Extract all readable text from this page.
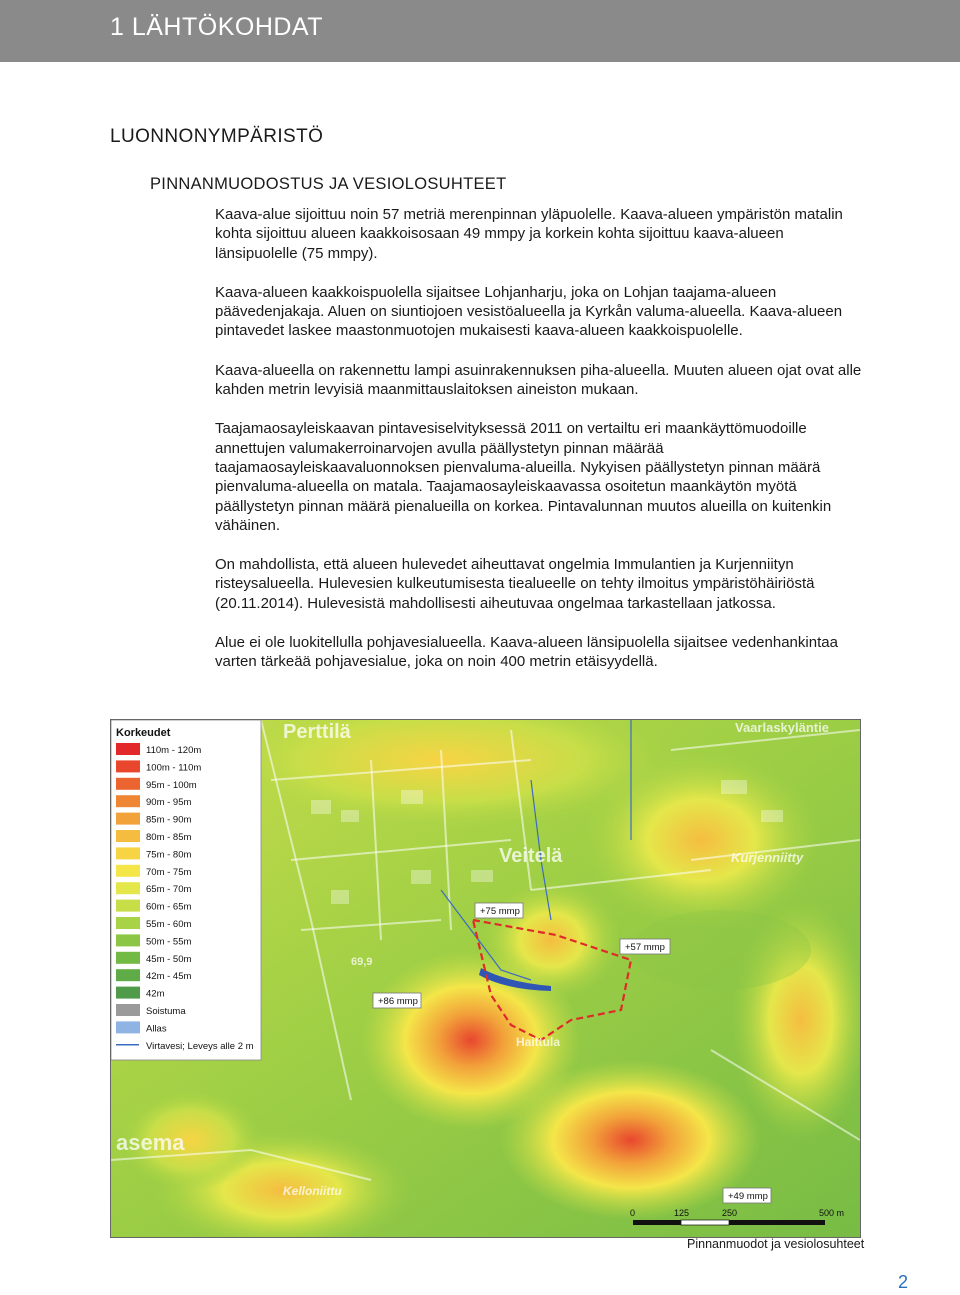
1 LÄHTÖKOHDAT
LUONNONYMPÄRISTÖ
PINNANMUODOSTUS JA VESIOLOSUHTEET

Kaava-alue sijoittuu noin 57 metriä merenpinnan yläpuolelle. Kaava-alueen ympäristön matalin kohta sijoittuu alueen kaakkoisosaan 49 mmpy ja korkein kohta sijoittuu kaava-alueen länsipuolelle (75 mmpy).

Kaava-alueen kaakkoispuolella sijaitsee Lohjanharju, joka on Lohjan taajama-alueen päävedenjakaja. Aluen on siuntiojoen vesistöalueella ja Kyrkån valuma-alueella. Kaava-alueen pintavedet laskee maastonmuotojen mukaisesti kaava-alueen kaakkoispuolelle.

Kaava-alueella on rakennettu lampi asuinrakennuksen piha-alueella. Muuten alueen ojat ovat alle kahden metrin levyisiä maanmittauslaitoksen aineiston mukaan.

Taajamaosayleiskaavan pintavesiselvityksessä 2011 on vertailtu eri maankäyttömuodoille annettujen valumakerroinarvojen avulla päällystetyn pinnan määrää taajamaosayleiskaavaluonnoksen pienvaluma-alueilla. Nykyisen päällystetyn pinnan määrä pienvaluma-alueella on matala. Taajamaosayleiskaavassa osoitetun maankäytön myötä päällystetyn pinnan määrä pienalueilla on korkea. Pintavalunnan muutos alueilla on kuitenkin vähäinen.

On mahdollista, että alueen hulevedet aiheuttavat ongelmia Immulantien ja Kurjenniityn risteysalueella. Hulevesien kulkeutumisesta tiealueelle on tehty ilmoitus ympäristöhäiriöstä (20.11.2014). Hulevesistä mahdollisesti aiheutuvaa ongelmaa tarkastellaan jatkossa.

Alue ei ole luokitellulla pohjavesialueella. Kaava-alueen länsipuolella sijaitsee vedenhankintaa varten tärkeää pohjavesialue, joka on noin 400 metrin etäisyydellä.

Perttilä	Vaarlaskyläntie
Veitelä	Kurjenniitty
Haittula
asema
Kelloniittu
69,9
Korkeudet
110m - 120m
100m - 110m
95m - 100m
90m - 95m
85m - 90m
80m - 85m
75m - 80m
70m - 75m
65m - 70m
60m - 65m
55m - 60m
50m - 55m
45m - 50m
42m - 45m
42m
Soistuma
Allas
Virtavesi; Leveys alle 2 m
+75 mmp
+57 mmp
+86 mmp
+49 mmp
0	125	250	500 m
Pinnanmuodot ja vesiolosuhteet
2
